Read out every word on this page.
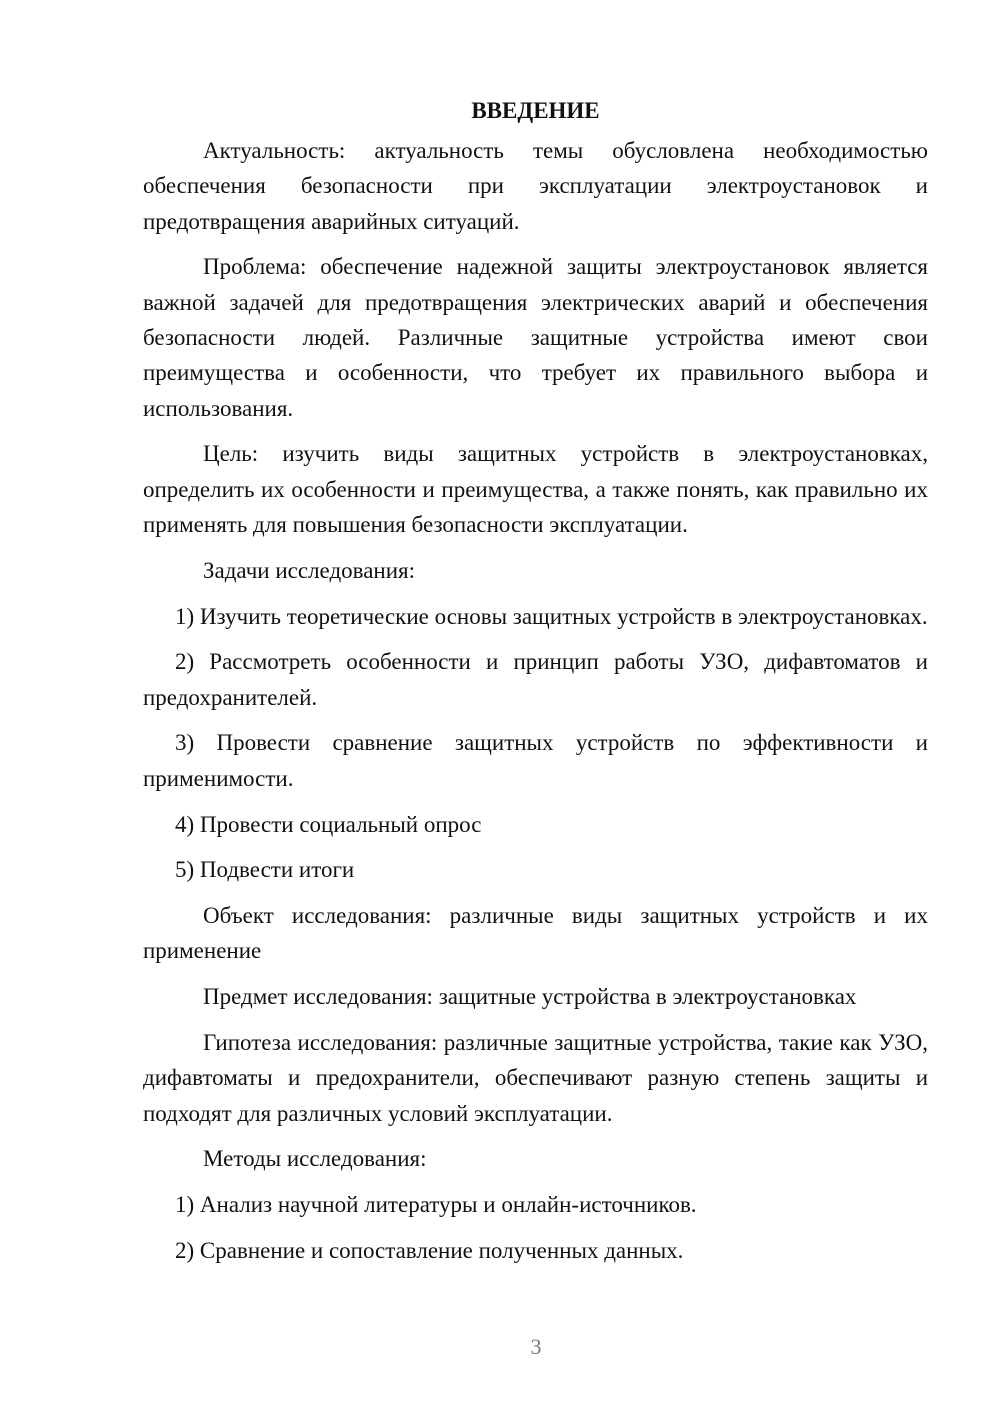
ВВЕДЕНИЕ

Актуальность: актуальность темы обусловлена необходимостью обеспечения безопасности при эксплуатации электроустановок и предотвращения аварийных ситуаций.

Проблема: обеспечение надежной защиты электроустановок является важной задачей для предотвращения электрических аварий и обеспечения безопасности людей. Различные защитные устройства имеют свои преимущества и особенности, что требует их правильного выбора и использования.

Цель: изучить виды защитных устройств в электроустановках, определить их особенности и преимущества, а также понять, как правильно их применять для повышения безопасности эксплуатации.

Задачи исследования:

1) Изучить теоретические основы защитных устройств в электроустановках.

2) Рассмотреть особенности и принцип работы УЗО, дифавтоматов и предохранителей.

3) Провести сравнение защитных устройств по эффективности и применимости.

4) Провести социальный опрос

5) Подвести итоги

Объект исследования: различные виды защитных устройств и их применение

Предмет исследования: защитные устройства в электроустановках

Гипотеза исследования: различные защитные устройства, такие как УЗО, дифавтоматы и предохранители, обеспечивают разную степень защиты и подходят для различных условий эксплуатации.

Методы исследования:

1) Анализ научной литературы и онлайн-источников.

2) Сравнение и сопоставление полученных данных.

3
